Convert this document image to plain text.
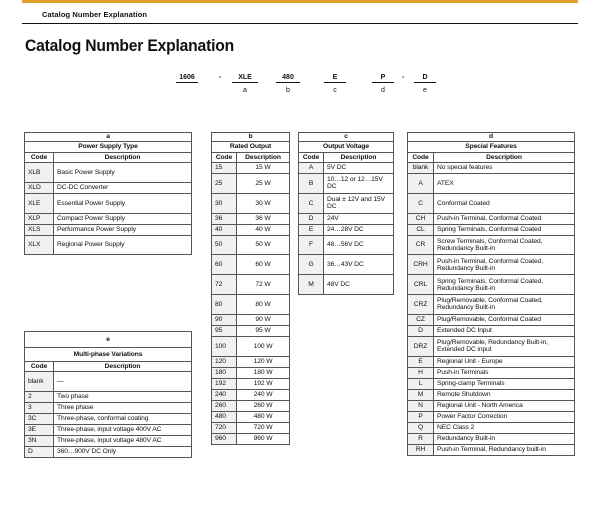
Catalog Number Explanation
Catalog Number Explanation
1606	-	XLE	480	E	P	-	D
a	b	c	d	e
a	
Power Supply Type	
Code	Description
XLB	Basic Power Supply
XLD	DC-DC Converter
XLE	Essential Power Supply
XLP	Compact Power Supply
XLS	Performance Power Supply
XLX	Regional Power Supply
e	
Multi-phase Variations	
Code	Description
blank	—
2	Two phase
3	Three phase
3C	Three-phase, conformal coating
3E	Three-phase, input voltage 400V AC
3N	Three-phase, input voltage 480V AC
D	360…900V DC Only
b	
Rated Output	
Code	Description
15	15 W
25	25 W
30	30 W
36	36 W
40	40 W
50	50 W
60	60 W
72	72 W
80	80 W
90	90 W
95	95 W
100	100 W
120	120 W
180	180 W
192	192 W
240	240 W
260	260 W
480	480 W
720	720 W
960	960 W
c	
Output Voltage	
Code	Description
A	5V DC
B	10…12 or 12…15V DC
C	Dual ± 12V and 15V DC
D	24V
E	24…28V DC
F	48…56V DC
G	36…43V DC
M	48V DC
d	
Special Features	
Code	Description
blank	No special features
A	ATEX
C	Conformal Coated
CH	Push-in Terminal, Conformal Coated
CL	Spring Terminals, Conformal Coated
CR	Screw Terminals, Conformal Coated, Redundancy Built-in
CRH	Push-in Terminal, Conformal Coated, Redundancy Built-in
CRL	Spring Terminals, Conformal Coated, Redundancy Built-in
CRZ	Plug/Removable, Conformal Coated, Redundancy Built-in
CZ	Plug/Removable, Conformal Coated
D	Extended DC Input
DRZ	Plug/Removable, Redundancy Built-in, Extended DC input
E	Regional Unit - Europe
H	Push-in Terminals
L	Spring-clamp Terminals
M	Remote Shutdown
N	Regional Unit - North America
P	Power Factor Correction
Q	NEC Class 2
R	Redundancy Built-in
RH	Push-in Terminal, Redundancy built-in
